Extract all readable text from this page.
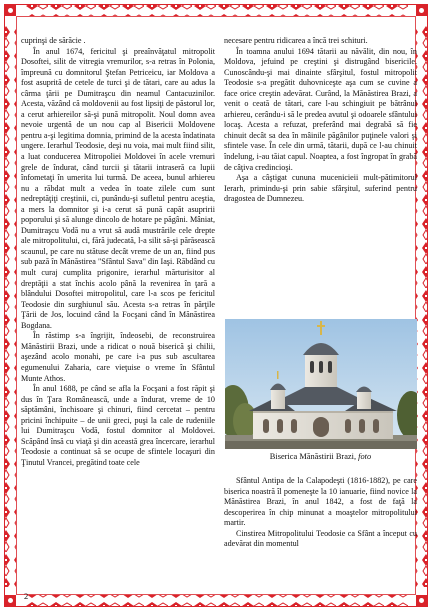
cuprinşi de sărăcie .

În anul 1674, fericitul şi preaînvăţatul mitropolit Dosoftei, silit de vitregia vremurilor, s-a retras în Polonia, împreună cu domnitorul Ştefan Petriceicu, iar Moldova a fost asuprită de cetele de turci şi de tătari, care au adus la cârma ţării pe Dumitraşcu din neamul Cantacuzinilor. Acesta, văzând că moldovenii au fost lipsiţi de păstorul lor, a cerut arhiereilor să-şi pună mitropolit. Noul domn avea nevoie urgentă de un nou cap al Bisericii Moldovene pentru a-şi legitima domnia, primind de la acesta îndatinata ungere. Ierarhul Teodosie, deşi nu voia, mai mult fiind silit, a luat conducerea Mitropoliei Moldovei în acele vremuri grele de îndurat, când turcii şi tătarii intraseră ca lupii înfometaţi în umerita lui turmă. De aceea, bunul arhiereu nu a răbdat mult a vedea în toate zilele cum sunt nedreptăţiţi creştinii, ci, punându-şi sufletul pentru aceştia, a mers la domnitor şi i-a cerut să pună capăt asupririi poporului şi să alunge dincolo de hotare pe păgâni. Mâniat, Dumitraşcu Vodă nu a vrut să audă mustrările cele drepte ale mitropolitului, ci, fără judecată, l-a silit să-şi părăsească scaunul, pe care nu stătuse decât vreme de un an, fiind pus sub pază în Mănăstirea "Sfântul Sava" din Iaşi. Răbdând cu mult curaj cumplita prigonire, ierarhul mărturisitor al dreptăţii a stat închis acolo până la revenirea în ţară a blândului Dosoftei mitropolitul, care l-a scos pe fericitul Teodosie din surghiunul său. Acesta s-a retras în părţile Ţării de Jos, locuind când la Focşani când în Mănăstirea Bogdana.

În răstimp s-a îngrijit, îndeosebi, de reconstruirea Mănăstirii Brazi, unde a ridicat o nouă biserică şi chilii, aşezând acolo monahi, pe care i-a pus sub ascultarea egumenului Zaharia, care vieţuise o vreme în Sfântul Munte Athos.

În anul 1688, pe când se afla la Focşani a fost răpit şi dus în Ţara Românească, unde a îndurat, vreme de 10 săptămâni, închisoare şi chinuri, fiind cercetat – pentru pricini închipuite – de unii greci, puşi la cale de rudeniile lui Dumitraşcu Vodă, fostul domnitor al Moldovei. Scăpând însă cu viaţă şi din această grea încercare, ierarhul Teodosie a continuat să se ocupe de sfintele locaşuri din Ţinutul Vrancei, pregătind toate cele

necesare pentru ridicarea a încă trei schituri.

În toamna anului 1694 tătarii au năvălit, din nou, în Moldova, jefuind pe creştini şi distrugând bisericile. Cunoscându-şi mai dinainte sfârşitul, fostul mitropolit Teodosie s-a pregătit duhovniceşte aşa cum se cuvine a face orice creştin adevărat. Curând, la Mănăstirea Brazi, a venit o ceată de tătari, care l-au schingiuit pe bătrânul arhiereu, cerându-i să le predea avutul şi odoarele sfântului locaş. Acesta a refuzat, preferând mai degrabă să fie chinuit decât sa dea în mâinile păgânilor puţinele valori şi sfintele vase. În cele din urmă, tătarii, după ce l-au chinuit îndelung, i-au tăiat capul. Noaptea, a fost îngropat în grabă de câţiva credincioşi.

Aşa a câştigat cununa mucenicieii mult-pătimitorul Ierarh, primindu-şi prin sabie sfârşitul, suferind pentru dragostea de Dumnezeu.

Biserica Mănăstirii Brazi, foto

Sfântul Antipa de la Calapodeşti (1816-1882), pe care biserica noastră îl pomeneşte la 10 ianuarie, fiind novice la Mănăstirea Brazi, în anul 1842, a fost de faţă la descoperirea în chip minunat a moaştelor mitropolitului martir.

Cinstirea Mitropolitului Teodosie ca Sfânt a început cu adevărat din momentul

2
